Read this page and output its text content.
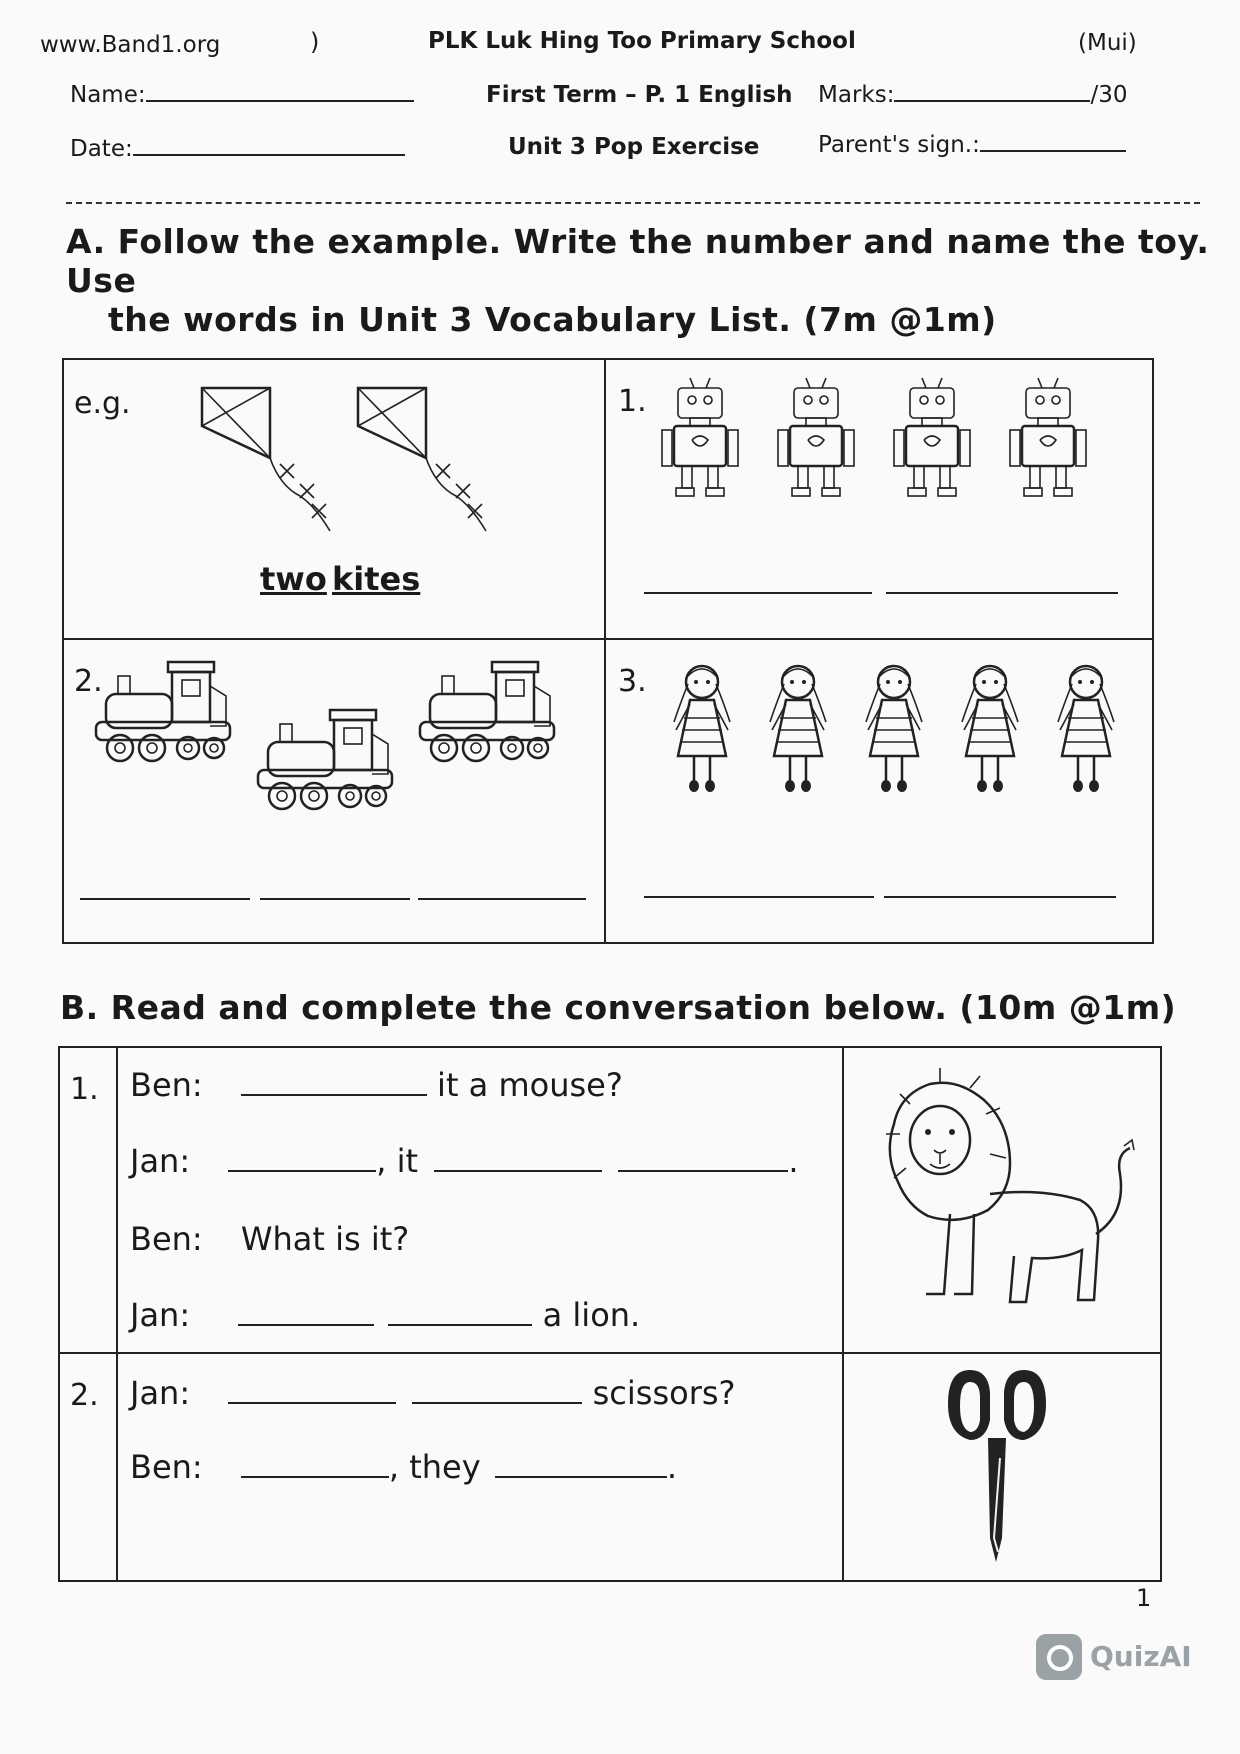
www.Band1.org	)	PLK Luk Hing Too Primary School	(Mui)
Name:	First Term – P. 1 English Marks:	/30
Date:	Unit 3 Pop Exercise	Parent's sign.:
A. Follow the example. Write the number and name the toy. Use
the words in Unit 3 Vocabulary List. (7m @1m)
e.g.
two kites
1.
2.	3.
B. Read and complete the conversation below. (10m @1m)
1. Ben:	it a mouse?
Jan:	, it	.
Ben: What is it?
Jan:	a lion.
2. Jan:	scissors?
Ben:	, they	.
1
QuizAI
